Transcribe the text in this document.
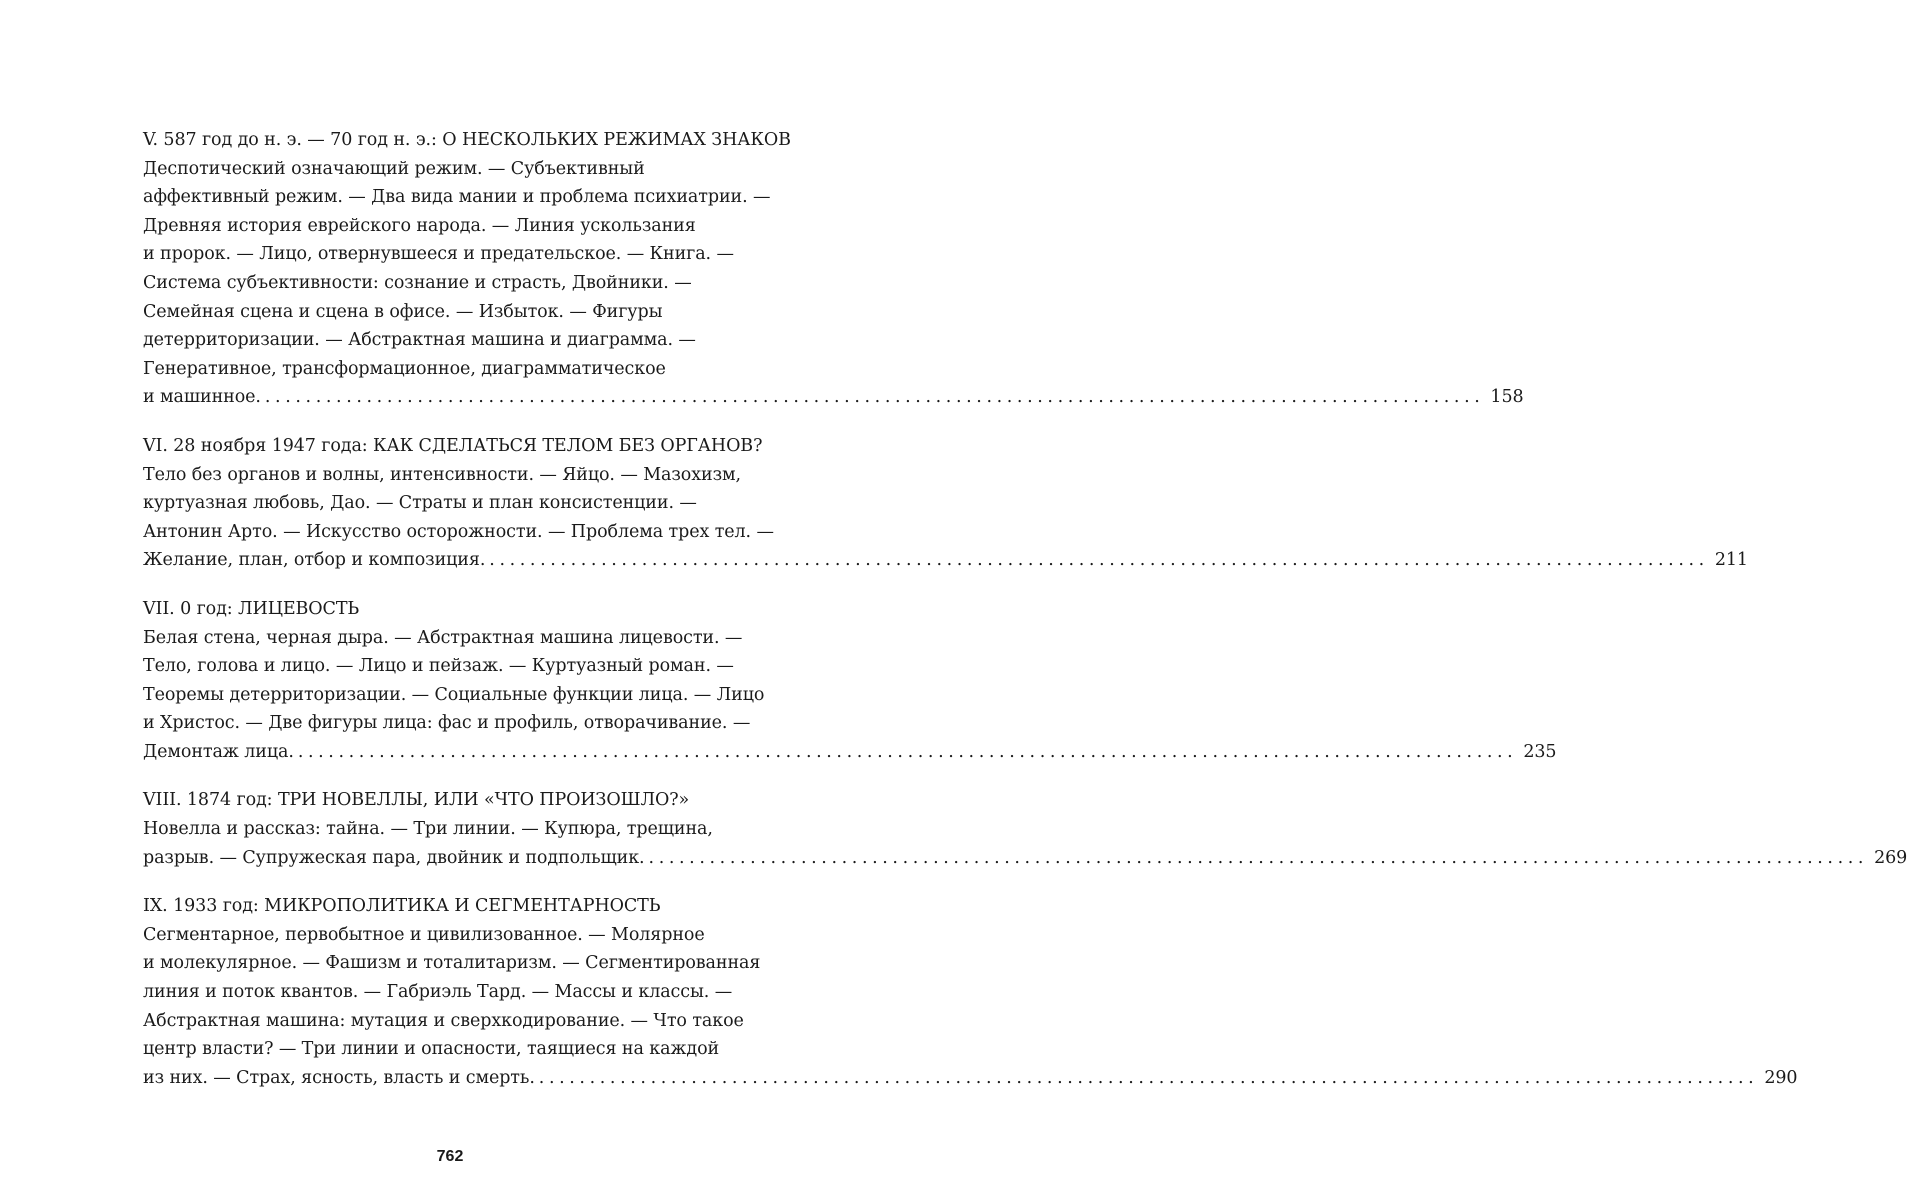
V. 587 год до н. э. — 70 год н. э.: О НЕСКОЛЬКИХ РЕЖИМАХ ЗНАКОВ
Деспотический означающий режим. — Субъективный
аффективный режим. — Два вида мании и проблема психиатрии. —
Древняя история еврейского народа. — Линия ускользания
и пророк. — Лицо, отвернувшееся и предательское. — Книга. —
Система субъективности: сознание и страсть, Двойники. —
Семейная сцена и сцена в офисе. — Избыток. — Фигуры
детерриторизации. — Абстрактная машина и диаграмма. —
Генеративное, трансформационное, диаграмматическое
и машинное. ........................................................................................................................ 158
VI. 28 ноября 1947 года: КАК СДЕЛАТЬСЯ ТЕЛОМ БЕЗ ОРГАНОВ?
Тело без органов и волны, интенсивности. — Яйцо. — Мазохизм,
куртуазная любовь, Дао. — Страты и план консистенции. —
Антонин Арто. — Искусство осторожности. — Проблема трех тел. —
Желание, план, отбор и композиция. ........................................................................................................................ 211
VII. 0 год: ЛИЦЕВОСТЬ
Белая стена, черная дыра. — Абстрактная машина лицевости. —
Тело, голова и лицо. — Лицо и пейзаж. — Куртуазный роман. —
Теоремы детерриторизации. — Социальные функции лица. — Лицо
и Христос. — Две фигуры лица: фас и профиль, отворачивание. —
Демонтаж лица. ........................................................................................................................ 235
VIII. 1874 год: ТРИ НОВЕЛЛЫ, ИЛИ «ЧТО ПРОИЗОШЛО?»
Новелла и рассказ: тайна. — Три линии. — Купюра, трещина,
разрыв. — Супружеская пара, двойник и подпольщик. ........................................................................................................................ 269
IX. 1933 год: МИКРОПОЛИТИКА И СЕГМЕНТАРНОСТЬ
Сегментарное, первобытное и цивилизованное. — Молярное
и молекулярное. — Фашизм и тоталитаризм. — Сегментированная
линия и поток квантов. — Габриэль Тард. — Массы и классы. —
Абстрактная машина: мутация и сверхкодирование. — Что такое
центр власти? — Три линии и опасности, таящиеся на каждой
из них. — Страх, ясность, власть и смерть. ........................................................................................................................ 290
762
